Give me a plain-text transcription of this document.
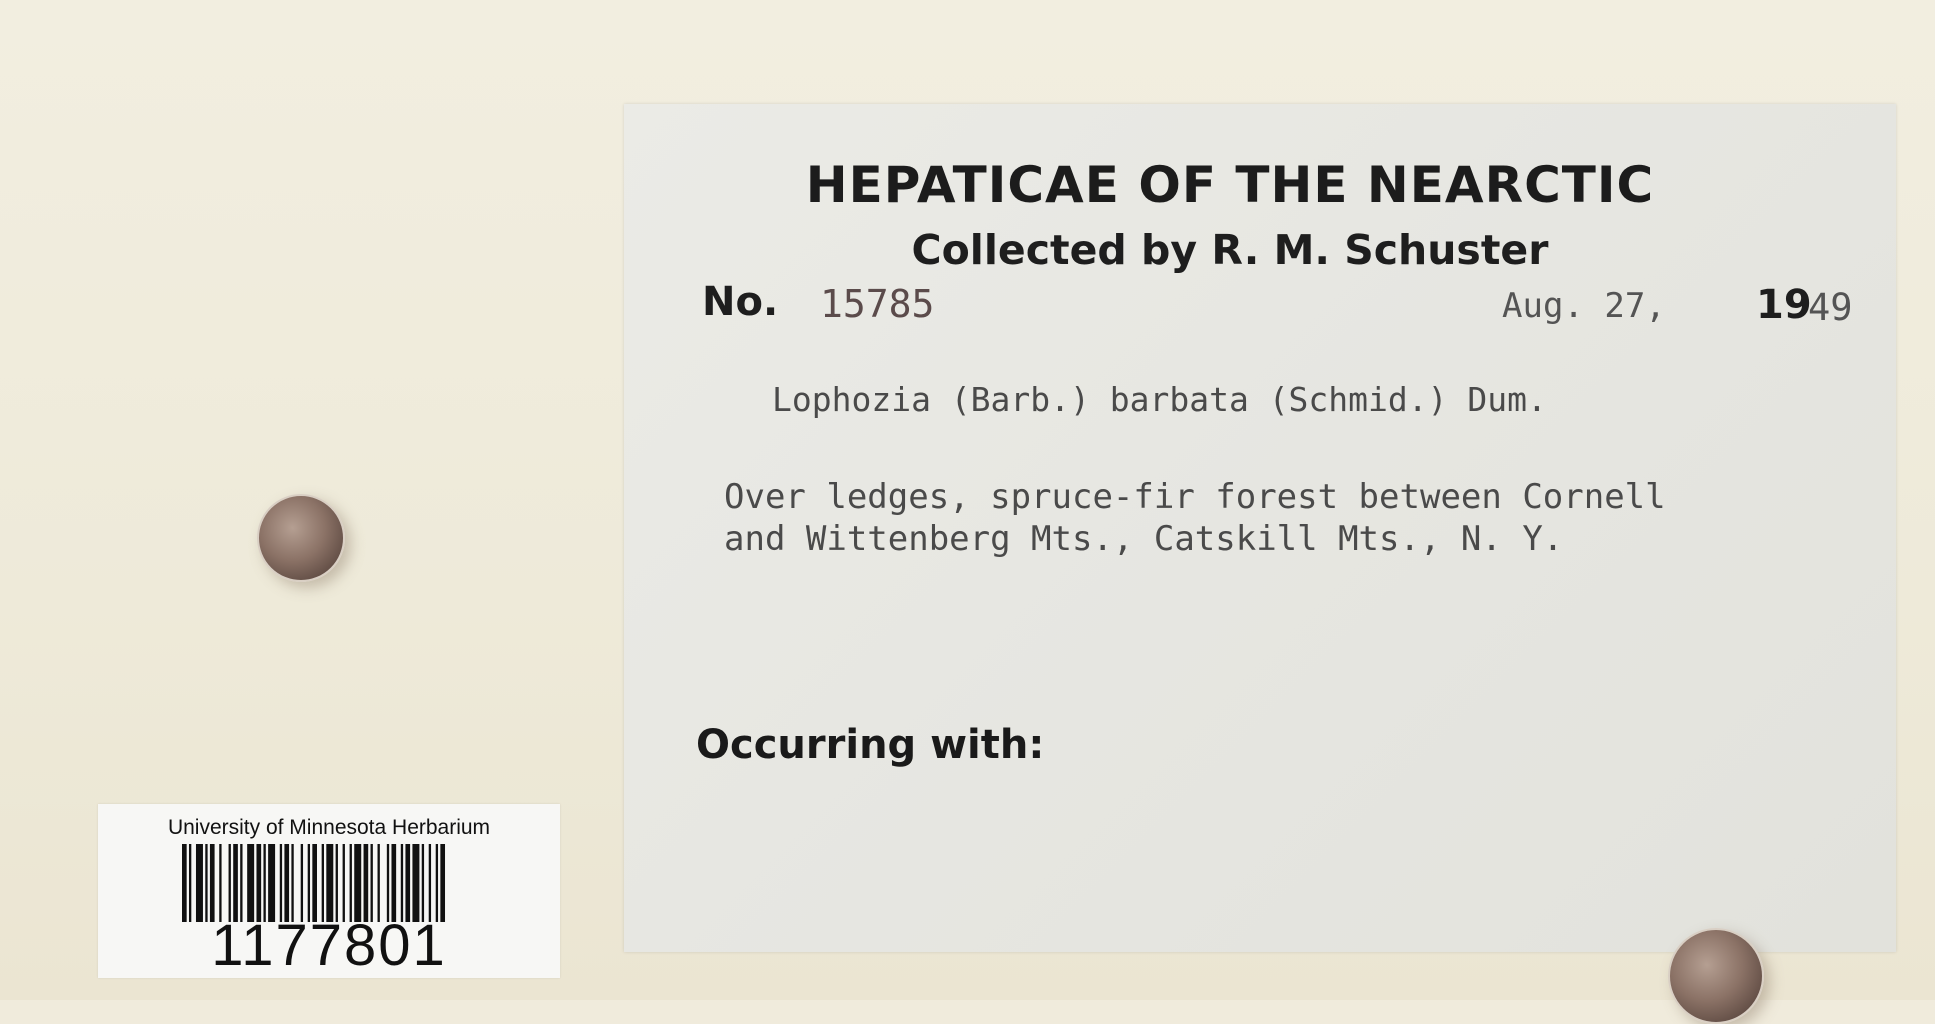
HEPATICAE OF THE NEARCTIC
Collected by R. M. Schuster
No. 15785	Aug. 27, 19
49
Lophozia (Barb.) barbata (Schmid.) Dum.
Over ledges, spruce-fir forest between Cornell
and Wittenberg Mts., Catskill Mts., N. Y.
Occurring with:
University of Minnesota Herbarium
1177801
